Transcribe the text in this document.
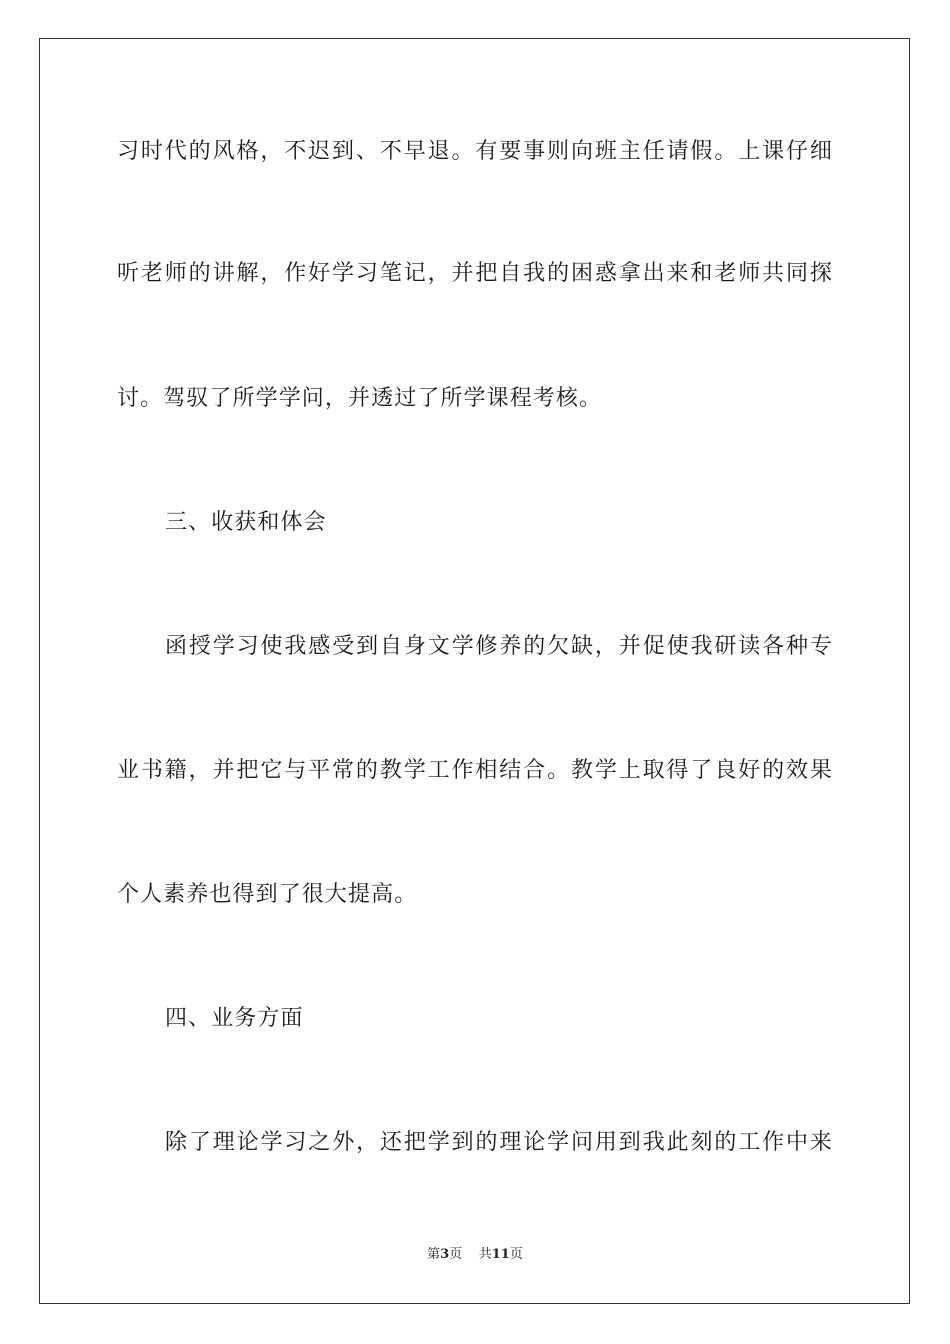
习时代的风格，不迟到、不早退。有要事则向班主任请假。上课仔细
听老师的讲解，作好学习笔记，并把自我的困惑拿出来和老师共同探
讨。驾驭了所学学问，并透过了所学课程考核。
三、收获和体会
函授学习使我感受到自身文学修养的欠缺，并促使我研读各种专
业书籍，并把它与平常的教学工作相结合。教学上取得了良好的效果
个人素养也得到了很大提高。
四、业务方面
除了理论学习之外，还把学到的理论学问用到我此刻的工作中来
第3页 共11页
